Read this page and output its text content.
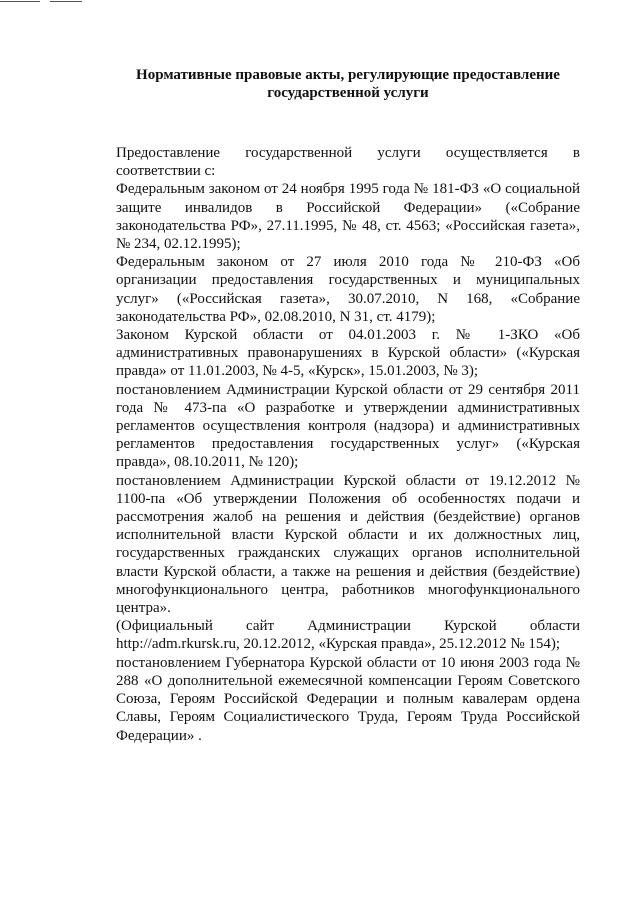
Нормативные правовые акты, регулирующие предоставление
государственной услуги

Предоставление государственной услуги осуществляется в соответствии с:

Федеральным законом от 24 ноября 1995 года № 181-ФЗ «О социальной защите инвалидов в Российской Федерации» («Собрание законодательства РФ», 27.11.1995, № 48, ст. 4563; «Российская газета», № 234, 02.12.1995);

Федеральным законом от 27 июля 2010 года № 210-ФЗ «Об организации предоставления государственных и муниципальных услуг» («Российская газета», 30.07.2010, N 168, «Собрание законодательства РФ», 02.08.2010, N 31, ст. 4179);

Законом Курской области от 04.01.2003 г. № 1-ЗКО «Об административных правонарушениях в Курской области» («Курская правда» от 11.01.2003, № 4-5, «Курск», 15.01.2003, № 3);

постановлением Администрации Курской области от 29 сентября 2011 года № 473-па «О разработке и утверждении административных регламентов осуществления контроля (надзора) и административных регламентов предоставления государственных услуг» («Курская правда», 08.10.2011, № 120);

постановлением Администрации Курской области от 19.12.2012 № 1100-па «Об утверждении Положения об особенностях подачи и рассмотрения жалоб на решения и действия (бездействие) органов исполнительной власти Курской области и их должностных лиц, государственных гражданских служащих органов исполнительной власти Курской области, а также на решения и действия (бездействие) многофункционального центра, работников многофункционального центра».

(Официальный сайт Администрации Курской области http://adm.rkursk.ru, 20.12.2012, «Курская правда», 25.12.2012 № 154);

постановлением Губернатора Курской области от 10 июня 2003 года № 288 «О дополнительной ежемесячной компенсации Героям Советского Союза, Героям Российской Федерации и полным кавалерам ордена Славы, Героям Социалистического Труда, Героям Труда Российской Федерации» .
